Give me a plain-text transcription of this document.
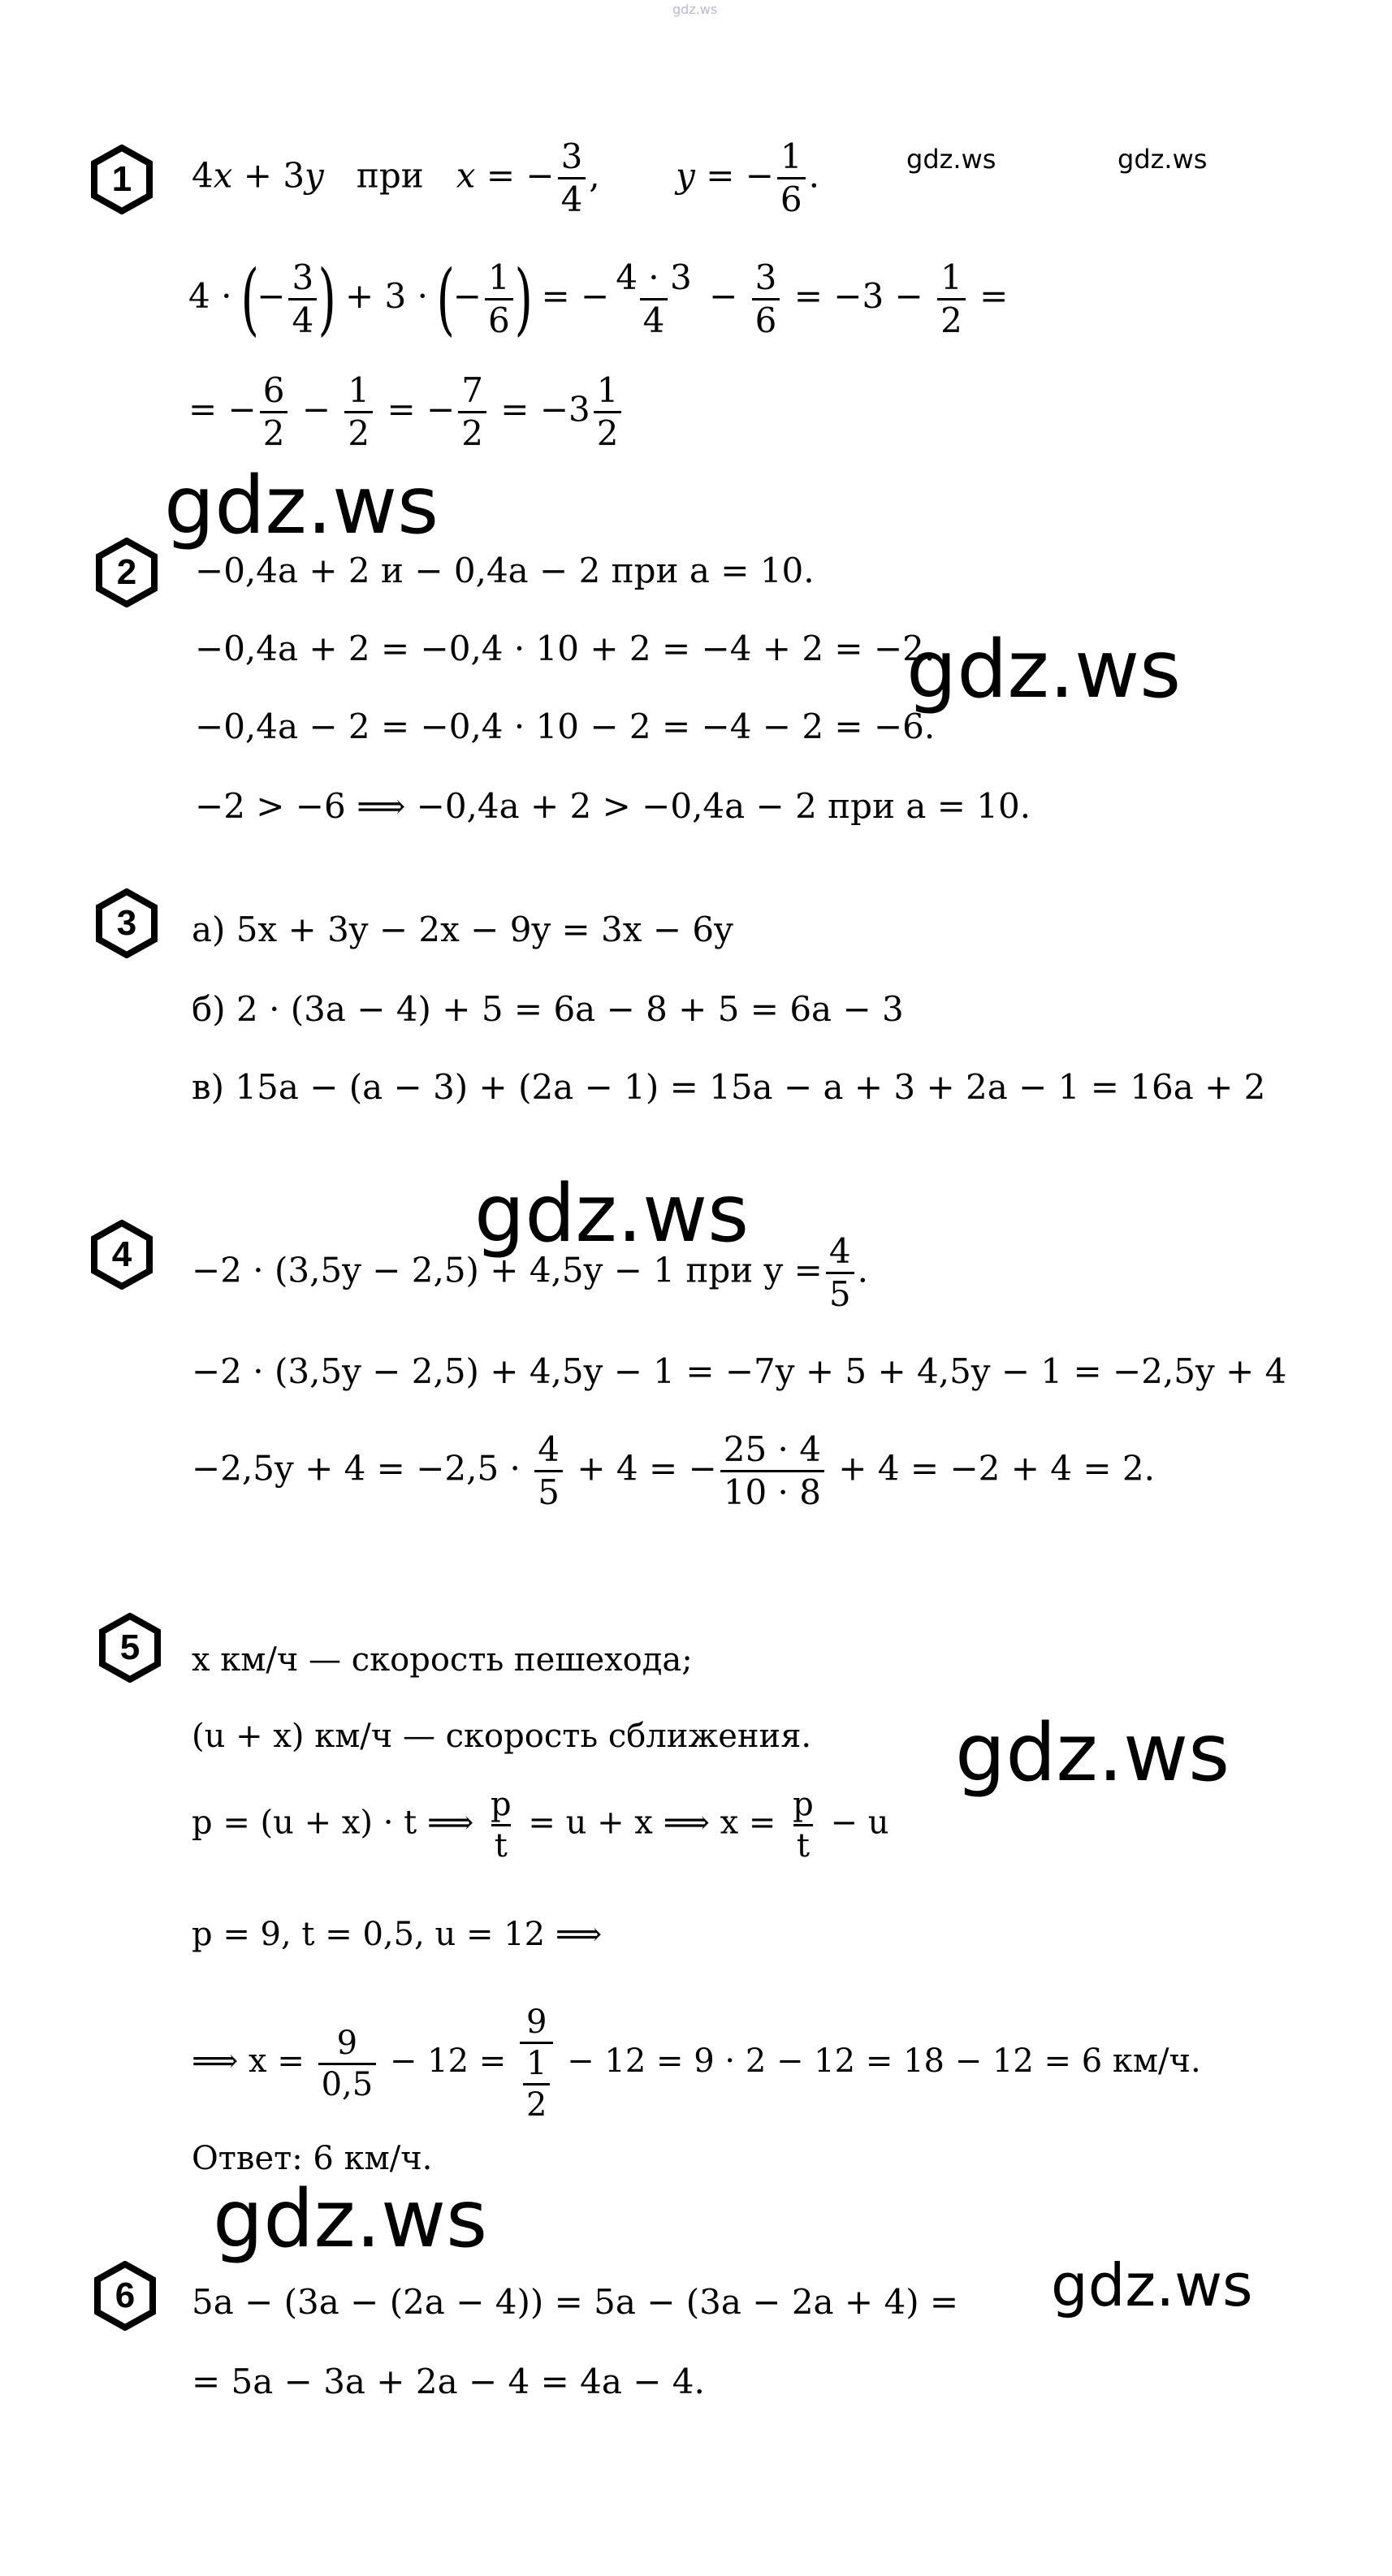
gdz.ws
gdz.ws	gdz.ws
gdz.ws
gdz.ws
gdz.ws
gdz.ws
gdz.ws
gdz.ws
1 4x + 3y при x = − $\frac{3}{4}$ ,       y = − $\frac{1}{6}$ .
4 · (− $\frac{3}{4}$ ) + 3 · (− $\frac{1}{6}$ ) = − $\frac{4 \cdot 3}{4} - \frac{3}{6} = -3 - \frac{1}{2}$ =
= − $\frac{6}{2} - \frac{1}{2}$ = − $\frac{7}{2} = -3 \frac{1}{2}$
2 −0,4a + 2 и − 0,4a − 2 при a = 10.
−0,4a + 2 = −0,4 · 10 + 2 = −4 + 2 = −2.
−0,4a − 2 = −0,4 · 10 − 2 = −4 − 2 = −6.
−2 > −6 ⟹ −0,4a + 2 > −0,4a − 2 при a = 10.
3 а) 5x + 3y − 2x − 9y = 3x − 6y
б) 2 · (3a − 4) + 5 = 6a − 8 + 5 = 6a − 3
в) 15a − (a − 3) + (2a − 1) = 15a − a + 3 + 2a − 1 = 16a + 2
4 −2 · (3,5y − 2,5) + 4,5y − 1 при $y = \frac{4}{5}$ .
−2 · (3,5y − 2,5) + 4,5y − 1 = −7y + 5 + 4,5y − 1 = −2,5y + 4
$-2,5y + 4 = -2,5 \cdot \frac{4}{5} + 4$ = − $\frac{25 \cdot 4}{10 \cdot 8} + 4 = -2 + 4 = 2$.
5 x км/ч — скорость пешехода;
(u + x) км/ч — скорость сближения.
p = (u + x) · t ⟹ $\frac{p}{t} = u + x$ ⟹ $x = \frac{p}{t} - u$
p = 9, t = 0,5, u = 12 ⟹
⟹ $x = \frac{9}{0,5} - 12 = \frac{9}{\frac{1}{2}} - 12 = 9 \cdot 2 - 12 = 18 - 12 = 6$ км/ч.
Ответ: 6 км/ч.
6 5a − (3a − (2a − 4)) = 5a − (3a − 2a + 4) =
= 5a − 3a + 2a − 4 = 4a − 4.
